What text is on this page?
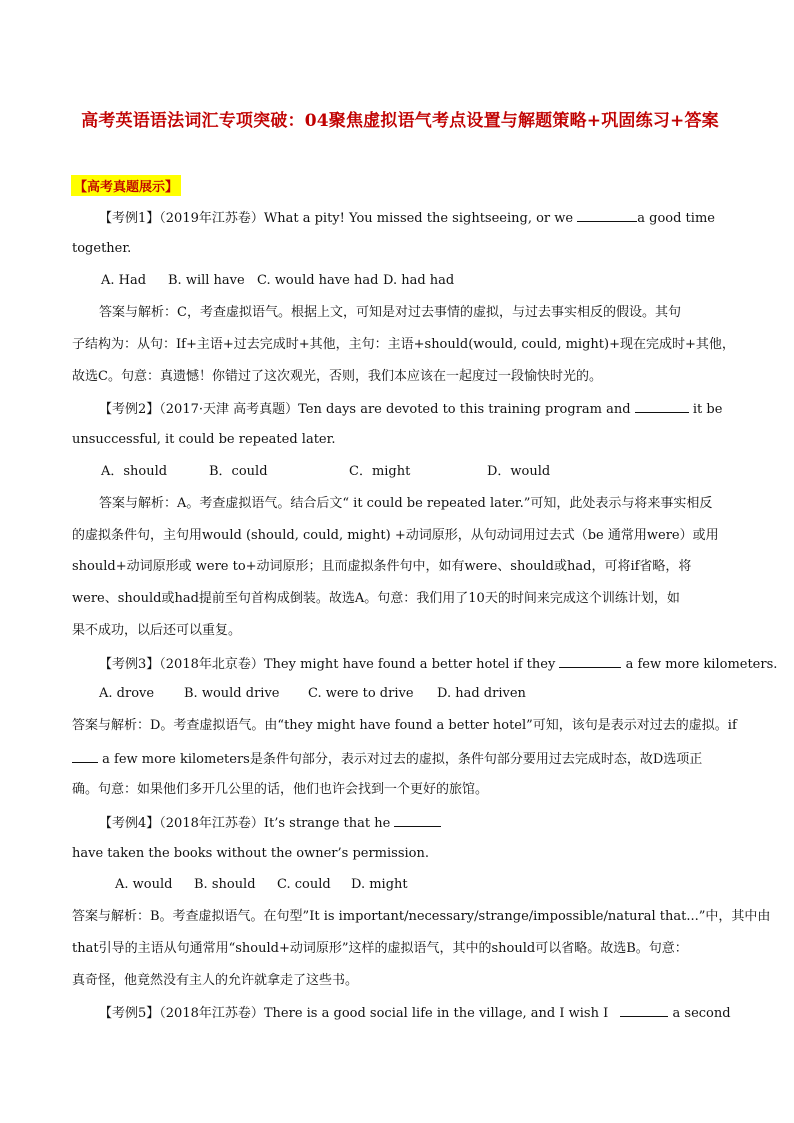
高考英语语法词汇专项突破：04聚焦虚拟语气考点设置与解题策略+巩固练习+答案
【高考真题展示】
【考例1】（2019年江苏卷）What a pity! You missed the sightseeing, or we	a good time
together.
A. Had B. will have C. would have had D. had had
答案与解析：C，考查虚拟语气。根据上文，可知是对过去事情的虚拟，与过去事实相反的假设。其句
子结构为：从句：If+主语+过去完成时+其他，主句：主语+should(would, could, might)+现在完成时+其他，
故选C。句意：真遗憾！你错过了这次观光，否则，我们本应该在一起度过一段愉快时光的。
【考例2】（2017·天津 高考真题）Ten days are devoted to this training program and	it be
unsuccessful, it could be repeated later.
A．should	B．could	C．might	D．would
答案与解析：A。考查虚拟语气。结合后文“ it could be repeated later.”可知，此处表示与将来事实相反
的虚拟条件句，主句用would (should, could, might) +动词原形，从句动词用过去式（be 通常用were）或用
should+动词原形或 were to+动词原形；且而虚拟条件句中，如有were、should或had，可将if省略，将
were、should或had提前至句首构成倒装。故选A。句意：我们用了10天的时间来完成这个训练计划，如
果不成功，以后还可以重复。
【考例3】（2018年北京卷）They might have found a better hotel if they	a few more kilometers.
A. drove B. would drive C. were to drive D. had driven
答案与解析：D。考查虚拟语气。由“they might have found a better hotel”可知，该句是表示对过去的虚拟。if
a few more kilometers是条件句部分，表示对过去的虚拟，条件句部分要用过去完成时态，故D选项正
确。句意：如果他们多开几公里的话，他们也许会找到一个更好的旅馆。
【考例4】（2018年江苏卷）It’s strange that he
have taken the books without the owner’s permission.
A. would B. should C. could D. might
答案与解析：B。考查虚拟语气。在句型”It is important/necessary/strange/impossible/natural that...”中，其中由
that引导的主语从句通常用“should+动词原形”这样的虚拟语气，其中的should可以省略。故选B。句意：
真奇怪，他竟然没有主人的允许就拿走了这些书。
【考例5】（2018年江苏卷）There is a good social life in the village, and I wish I	a second
